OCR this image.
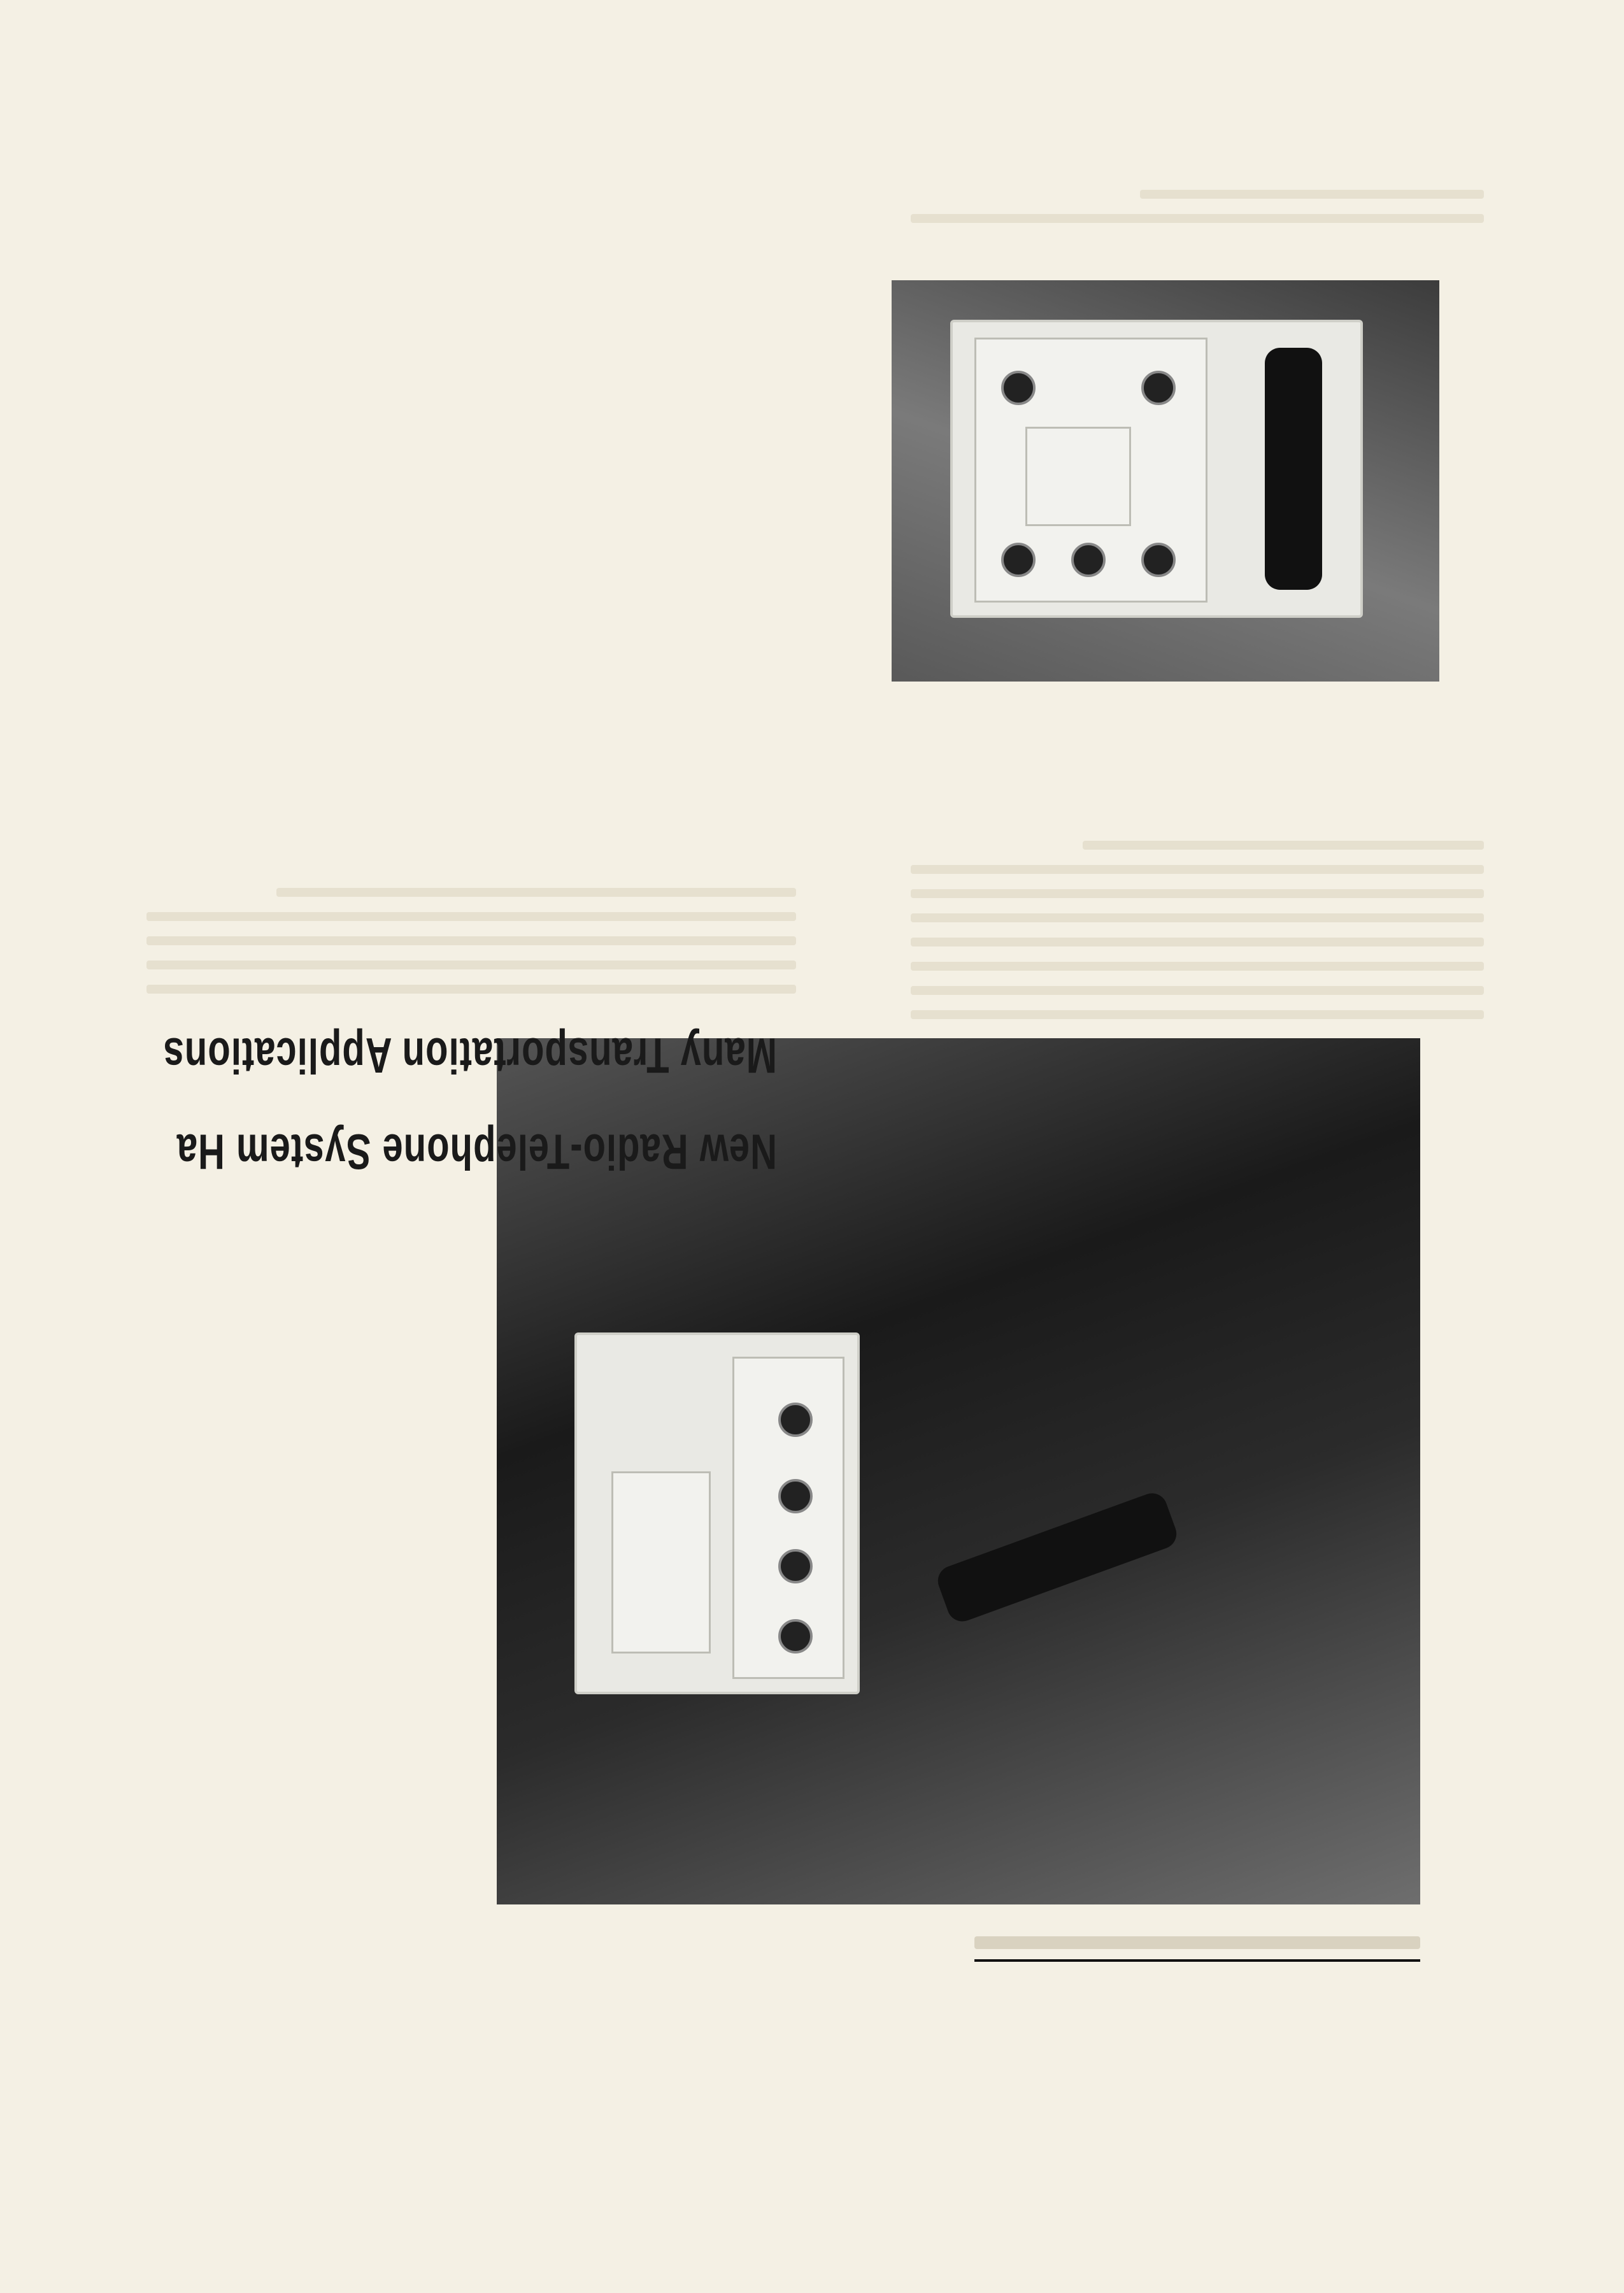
New Radio-Telephone System Ha
Many Transportation Applications
